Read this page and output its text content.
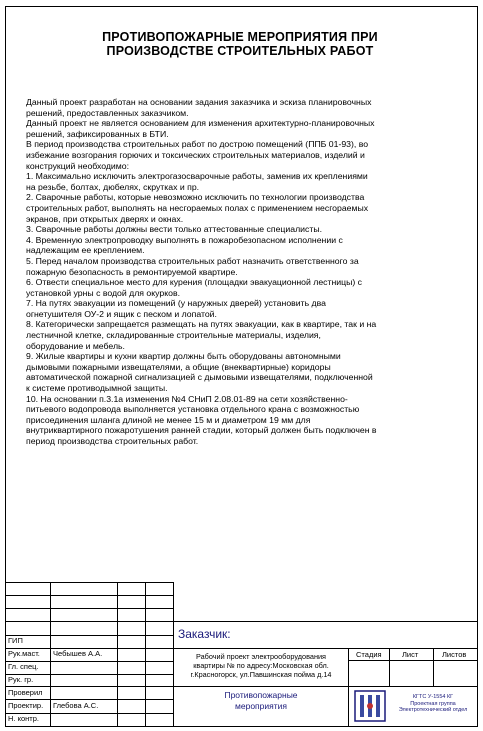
ПРОТИВОПОЖАРНЫЕ МЕРОПРИЯТИЯ ПРИ
ПРОИЗВОДСТВЕ СТРОИТЕЛЬНЫХ РАБОТ
Данный проект разработан на основании задания заказчика и эскиза планировочных
решений, предоставленных заказчиком.
Данный проект не является основанием для изменения архитектурно-планировочных
решений, зафиксированных в БТИ.
В период производства строительных работ по дострою помещений (ППБ 01-93), во
избежание возгорания горючих и токсических строительных материалов, изделий и
конструкций необходимо:
1. Максимально исключить электрогазосварочные работы, заменив их креплениями
на резьбе, болтах, дюбелях, скрутках и пр.
2. Сварочные работы, которые невозможно исключить по технологии производства
строительных работ, выполнять на несгораемых полах с применением несгораемых
экранов, при открытых дверях и окнах.
3. Сварочные работы должны вести только аттестованные специалисты.
4. Временную электропроводку выполнять в пожаробезопасном исполнении с
надлежащим ее креплением.
5. Перед началом производства строительных работ назначить ответственного за
пожарную безопасность в ремонтируемой квартире.
6. Отвести специальное место для курения (площадки эвакуационной лестницы) с
установкой урны с водой для окурков.
7. На путях эвакуации из помещений (у наружных дверей) установить два
огнетушителя ОУ-2 и ящик с песком и лопатой.
8. Категорически запрещается размещать на путях эвакуации, как в квартире, так и на
лестничной клетке, складированные строительные материалы, изделия,
оборудование и мебель.
9. Жилые квартиры и кухни квартир должны быть оборудованы автономными
дымовыми пожарными извещателями, а общие (внеквартирные) коридоры
автоматической пожарной сигнализацией с дымовыми извещателями, подключенной
к системе противодымной защиты.
10. На основании п.3.1а изменения №4 СНиП 2.08.01-89 на сети хозяйственно-
питьевого водопровода выполняется установка отдельного крана с возможностью
присоединения шланга длиной не менее 15 м и диаметром 19 мм для
внутриквартирного пожаротушения ранней стадии, который должен быть подключен в
период производства строительных работ.
ГИП
Рук.маст. Чебышев А.А.
Гл. спец.
Рук. гр.
Проверил
Проектир. Глебова А.С.
Н. контр.
Заказчик:
Рабочий проект электрооборудования
квартиры № по адресу:Московская обл.
г.Красногорск, ул.Павшинская пойма д.14
Стадия	Лист	Листов
Противопожарные
мероприятия
КГТС У-1554 КГ
Проектная группа
Электротехнический отдел
